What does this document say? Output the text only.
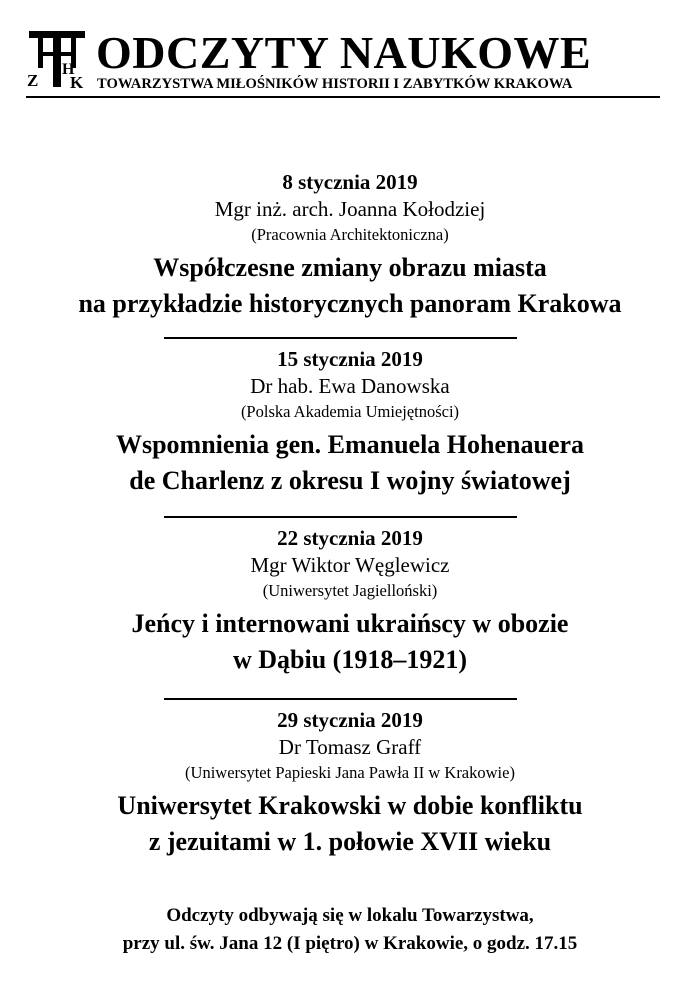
Z
H
K
ODCZYTY NAUKOWE
TOWARZYSTWA MIŁOŚNIKÓW HISTORII I ZABYTKÓW KRAKOWA
8 stycznia 2019
Mgr inż. arch. Joanna Kołodziej
(Pracownia Architektoniczna)
Współczesne zmiany obrazu miasta
na przykładzie historycznych panoram Krakowa
15 stycznia 2019
Dr hab. Ewa Danowska
(Polska Akademia Umiejętności)
Wspomnienia gen. Emanuela Hohenauera
de Charlenz z okresu I wojny światowej
22 stycznia 2019
Mgr Wiktor Węglewicz
(Uniwersytet Jagielloński)
Jeńcy i internowani ukraińscy w obozie
w Dąbiu (1918–1921)
29 stycznia 2019
Dr Tomasz Graff
(Uniwersytet Papieski Jana Pawła II w Krakowie)
Uniwersytet Krakowski w dobie konfliktu
z jezuitami w 1. połowie XVII wieku
Odczyty odbywają się w lokalu Towarzystwa,
przy ul. św. Jana 12 (I piętro) w Krakowie, o godz. 17.15
